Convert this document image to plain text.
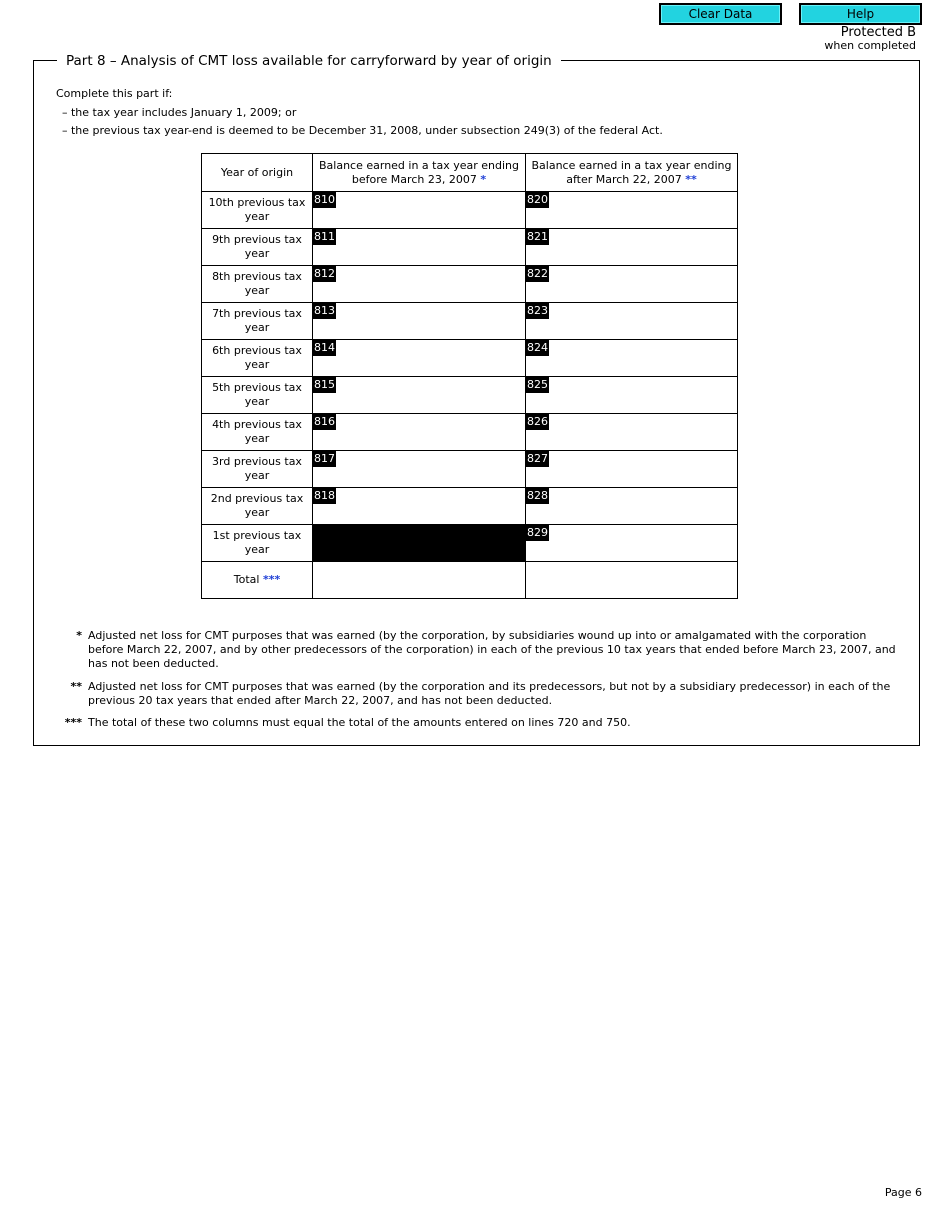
Clear Data	Help
Protected B
when completed
Part 8 – Analysis of CMT loss available for carryforward by year of origin
Complete this part if:
– the tax year includes January 1, 2009; or
– the previous tax year-end is deemed to be December 31, 2008, under subsection 249(3) of the federal Act.
Year of origin	Balance earned in a tax year ending before March 23, 2007 *	Balance earned in a tax year ending after March 22, 2007 **
10th previous tax year	810	820

9th previous tax year	811	821

8th previous tax year	812	822

7th previous tax year	813	823

6th previous tax year	814	824

5th previous tax year	815	825

4th previous tax year	816	826

3rd previous tax year	817	827

2nd previous tax year	818	828

1st previous tax year		829

Total ***	

* Adjusted net loss for CMT purposes that was earned (by the corporation, by subsidiaries wound up into or amalgamated with the corporation before March 22, 2007, and by other predecessors of the corporation) in each of the previous 10 tax years that ended before March 23, 2007, and has not been deducted.
** Adjusted net loss for CMT purposes that was earned (by the corporation and its predecessors, but not by a subsidiary predecessor) in each of the previous 20 tax years that ended after March 22, 2007, and has not been deducted.
*** The total of these two columns must equal the total of the amounts entered on lines 720 and 750.
Page 6
